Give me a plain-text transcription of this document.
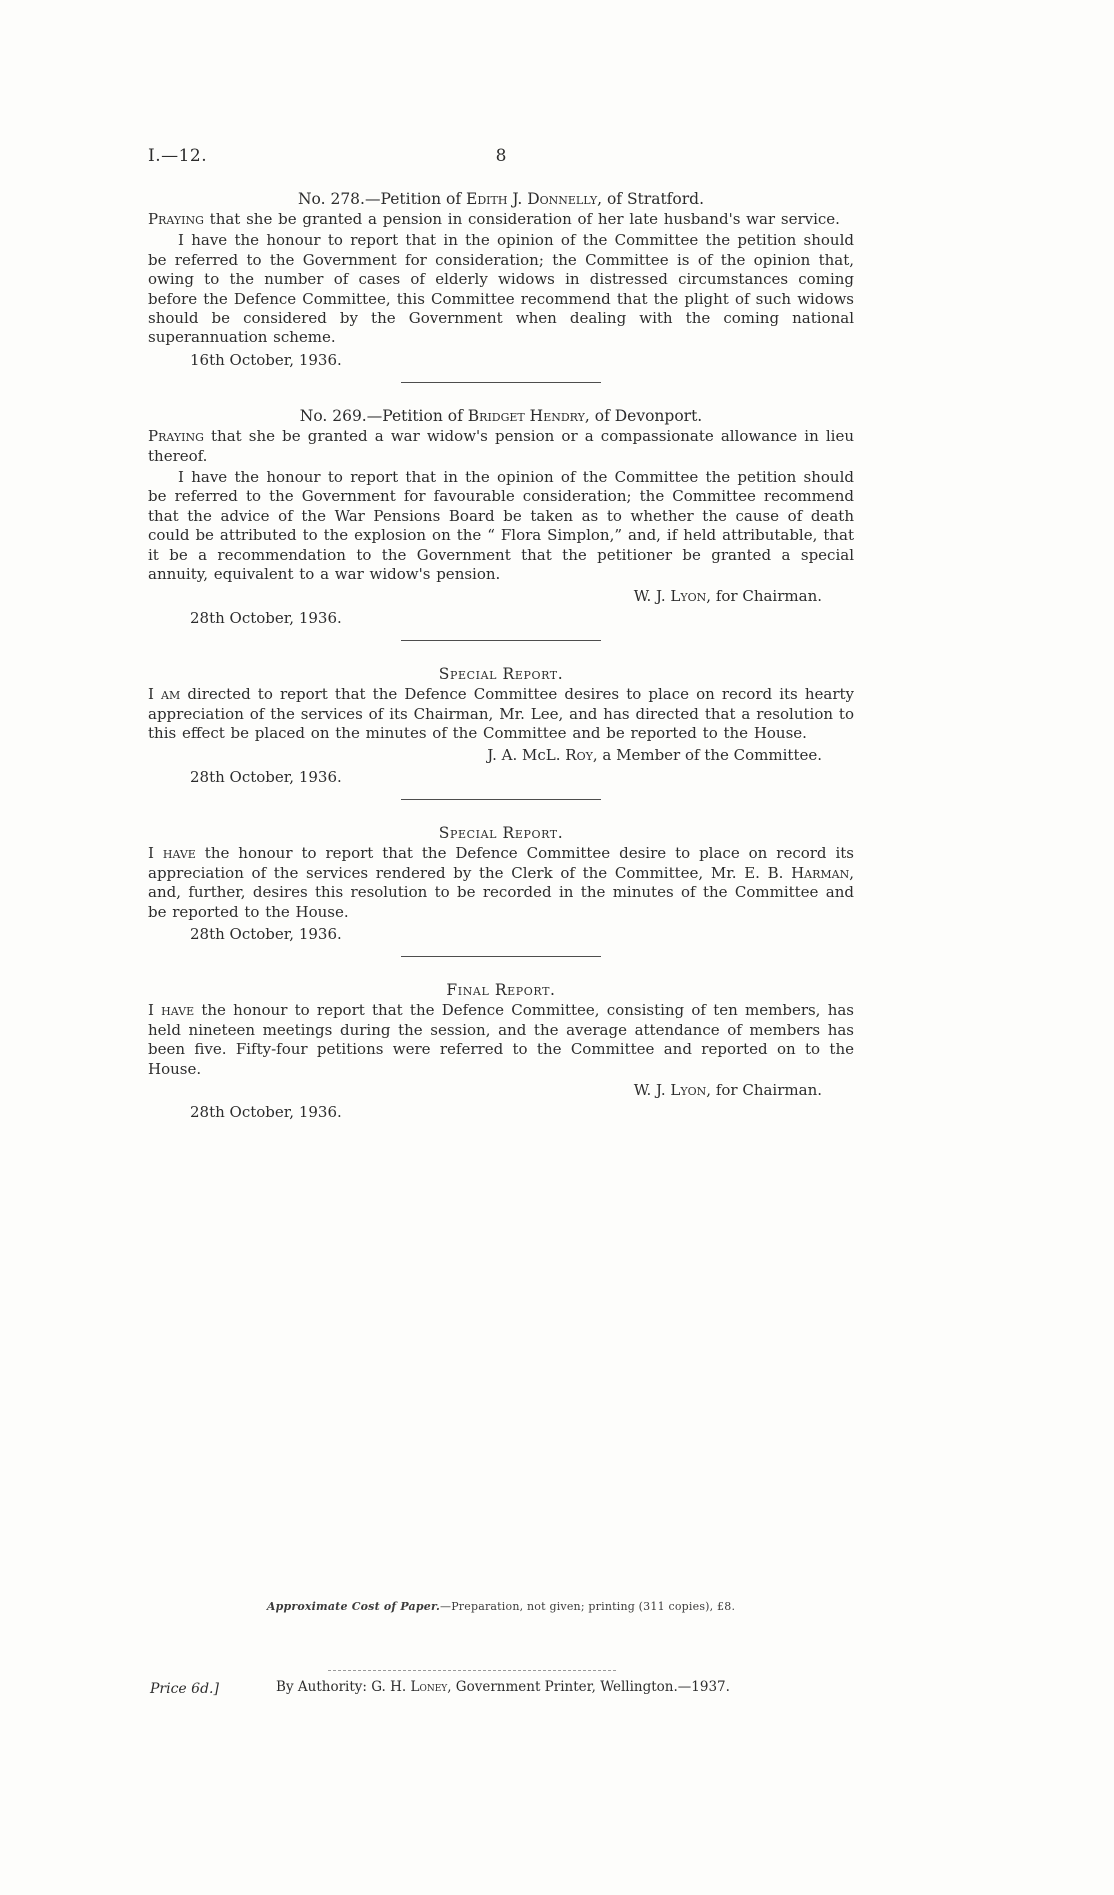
I.—12.	8
No. 278.—Petition of Edith J. Donnelly, of Stratford.

Praying that she be granted a pension in consideration of her late husband's war service.

I have the honour to report that in the opinion of the Committee the petition should be referred to the Government for consideration; the Committee is of the opinion that, owing to the number of cases of elderly widows in distressed circumstances coming before the Defence Committee, this Committee recommend that the plight of such widows should be considered by the Government when dealing with the coming national superannuation scheme.

16th October, 1936.
No. 269.—Petition of Bridget Hendry, of Devonport.

Praying that she be granted a war widow's pension or a compassionate allowance in lieu thereof.

I have the honour to report that in the opinion of the Committee the petition should be referred to the Government for favourable consideration; the Committee recommend that the advice of the War Pensions Board be taken as to whether the cause of death could be attributed to the explosion on the “ Flora Simplon,” and, if held attributable, that it be a recommendation to the Government that the petitioner be granted a special annuity, equivalent to a war widow's pension.

W. J. Lyon, for Chairman.
28th October, 1936.
Special Report.

I am directed to report that the Defence Committee desires to place on record its hearty appreciation of the services of its Chairman, Mr. Lee, and has directed that a resolution to this effect be placed on the minutes of the Committee and be reported to the House.

J. A. McL. Roy, a Member of the Committee.
28th October, 1936.
Special Report.

I have the honour to report that the Defence Committee desire to place on record its appreciation of the services rendered by the Clerk of the Committee, Mr. E. B. Harman, and, further, desires this resolution to be recorded in the minutes of the Committee and be reported to the House.

28th October, 1936.
Final Report.

I have the honour to report that the Defence Committee, consisting of ten members, has held nineteen meetings during the session, and the average attendance of members has been five. Fifty-four petitions were referred to the Committee and reported on to the House.

W. J. Lyon, for Chairman.
28th October, 1936.
Approximate Cost of Paper.—Preparation, not given; printing (311 copies), £8.
Price 6d.]	By Authority: G. H. Loney, Government Printer, Wellington.—1937.
